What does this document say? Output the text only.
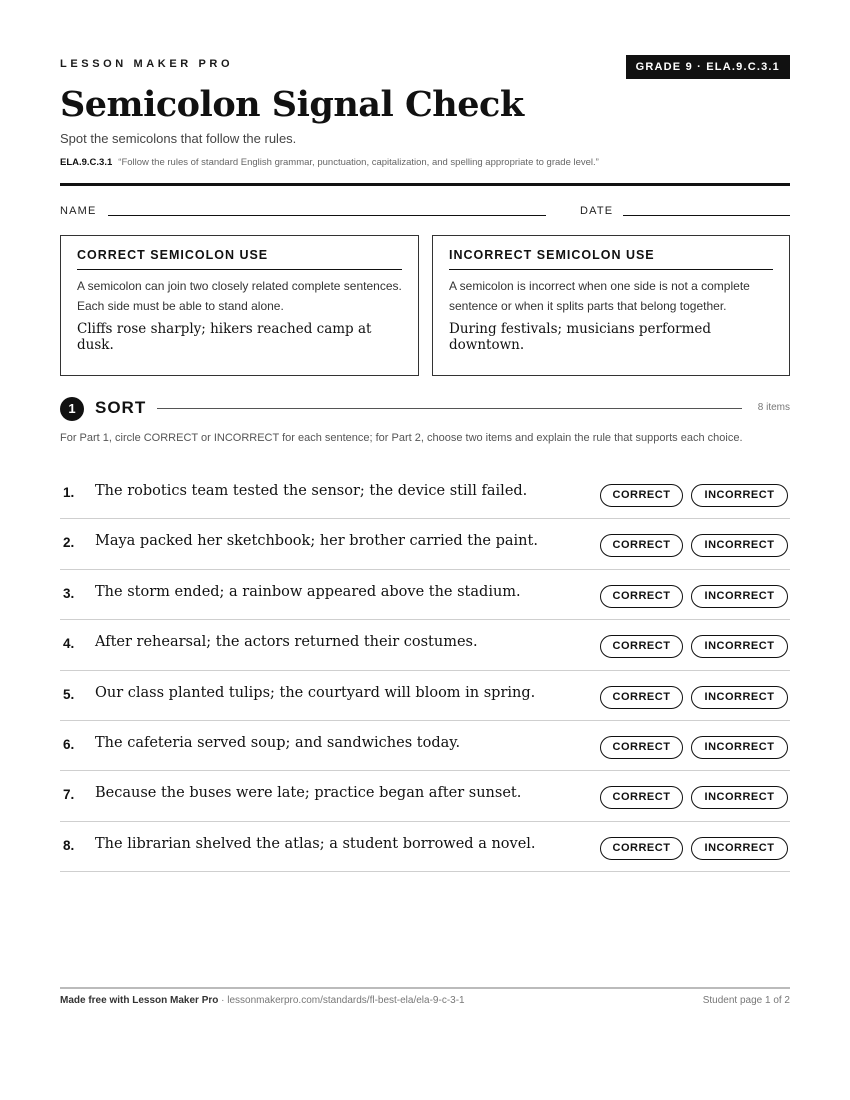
LESSON MAKER PRO	GRADE 9 · ELA.9.C.3.1
Semicolon Signal Check
Spot the semicolons that follow the rules.
ELA.9.C.3.1 “Follow the rules of standard English grammar, punctuation, capitalization, and spelling appropriate to grade level.”
NAME	DATE
CORRECT SEMICOLON USE

A semicolon can join two closely related complete sentences. Each side must be able to stand alone.

Cliffs rose sharply; hikers reached camp at dusk.

INCORRECT SEMICOLON USE

A semicolon is incorrect when one side is not a complete sentence or when it splits parts that belong together.

During festivals; musicians performed downtown.

1	SORT	8 items
For Part 1, circle CORRECT or INCORRECT for each sentence; for Part 2, choose two items and explain the rule that supports each choice.
1. The robotics team tested the sensor; the device still failed.	CORRECT	INCORRECT
2. Maya packed her sketchbook; her brother carried the paint.	CORRECT	INCORRECT
3. The storm ended; a rainbow appeared above the stadium.	CORRECT	INCORRECT
4. After rehearsal; the actors returned their costumes.	CORRECT	INCORRECT
5. Our class planted tulips; the courtyard will bloom in spring.	CORRECT	INCORRECT
6. The cafeteria served soup; and sandwiches today.	CORRECT	INCORRECT
7. Because the buses were late; practice began after sunset.	CORRECT	INCORRECT
8. The librarian shelved the atlas; a student borrowed a novel.	CORRECT	INCORRECT
Made free with Lesson Maker Pro · lessonmakerpro.com/standards/fl-best-ela/ela-9-c-3-1	Student page 1 of 2
